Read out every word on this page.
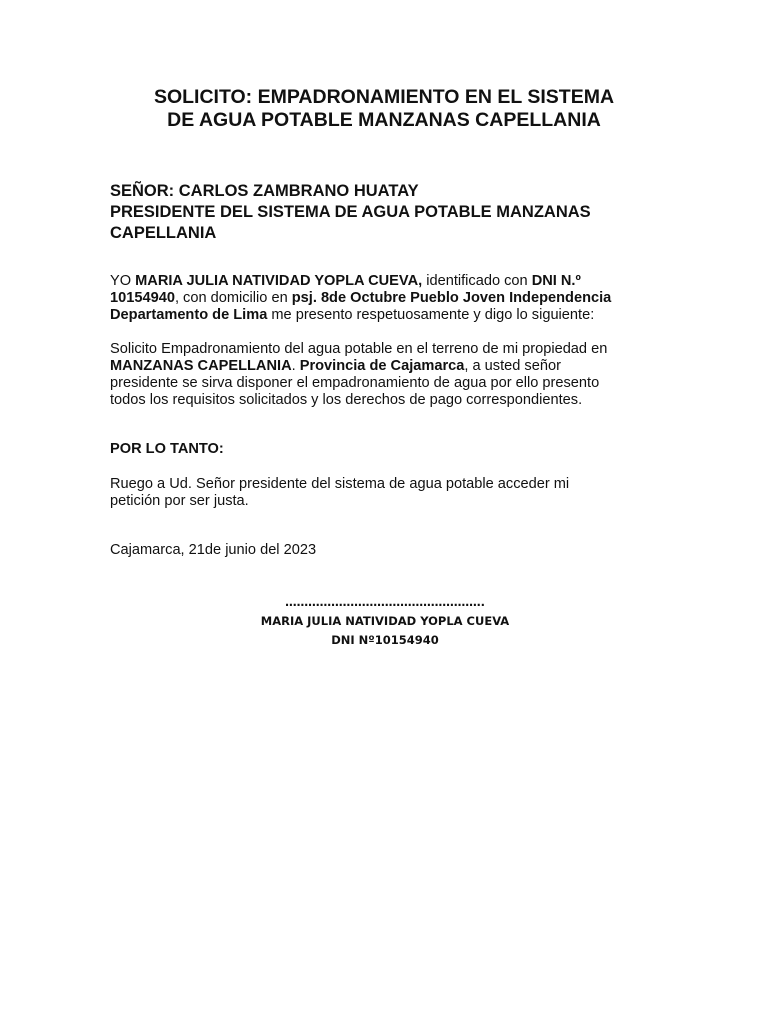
SOLICITO: EMPADRONAMIENTO EN EL SISTEMA
DE AGUA POTABLE MANZANAS CAPELLANIA
SEÑOR: CARLOS ZAMBRANO HUATAY
PRESIDENTE DEL SISTEMA DE AGUA POTABLE MANZANAS
CAPELLANIA
YO MARIA JULIA NATIVIDAD YOPLA CUEVA, identificado con DNI N.º
10154940, con domicilio en psj. 8de Octubre Pueblo Joven Independencia
Departamento de Lima me presento respetuosamente y digo lo siguiente:
Solicito Empadronamiento del agua potable en el terreno de mi propiedad en
MANZANAS CAPELLANIA. Provincia de Cajamarca, a usted señor
presidente se sirva disponer el empadronamiento de agua por ello presento
todos los requisitos solicitados y los derechos de pago correspondientes.
POR LO TANTO:
Ruego a Ud. Señor presidente del sistema de agua potable acceder mi
petición por ser justa.
Cajamarca, 21de junio del 2023
…………………………………………….
MARIA JULIA NATIVIDAD YOPLA CUEVA
DNI Nº10154940
